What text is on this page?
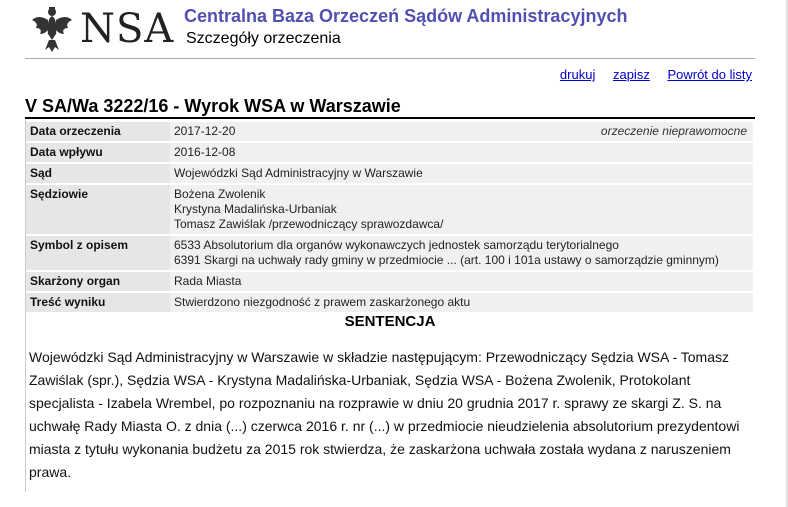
NSA Centralna Baza Orzeczeń Sądów Administracyjnych
Szczegóły orzeczenia
drukuj zapisz Powrót do listy
V SA/Wa 3222/16 - Wyrok WSA w Warszawie
Data orzeczenia	2017-12-20 orzeczenie nieprawomocne

Data wpływu	2016-12-08
Sąd	Wojewódzki Sąd Administracyjny w Warszawie
Sędziowie	Bożena Zwolenik
Krystyna Madalińska-Urbaniak
Tomasz Zawiślak /przewodniczący sprawozdawca/

Symbol z opisem	6533 Absolutorium dla organów wykonawczych jednostek samorządu terytorialnego
6391 Skargi na uchwały rady gminy w przedmiocie ... (art. 100 i 101a ustawy o samorządzie gminnym)

Skarżony organ	Rada Miasta
Treść wyniku	Stwierdzono niezgodność z prawem zaskarżonego aktu
SENTENCJA
Wojewódzki Sąd Administracyjny w Warszawie w składzie następującym: Przewodniczący Sędzia WSA - Tomasz Zawiślak (spr.), Sędzia WSA - Krystyna Madalińska-Urbaniak, Sędzia WSA - Bożena Zwolenik, Protokolant specjalista - Izabela Wrembel, po rozpoznaniu na rozprawie w dniu 20 grudnia 2017 r. sprawy ze skargi Z. S. na uchwałę Rady Miasta O. z dnia (...) czerwca 2016 r. nr (...) w przedmiocie nieudzielenia absolutorium prezydentowi miasta z tytułu wykonania budżetu za 2015 rok stwierdza, że zaskarżona uchwała została wydana z naruszeniem prawa.
